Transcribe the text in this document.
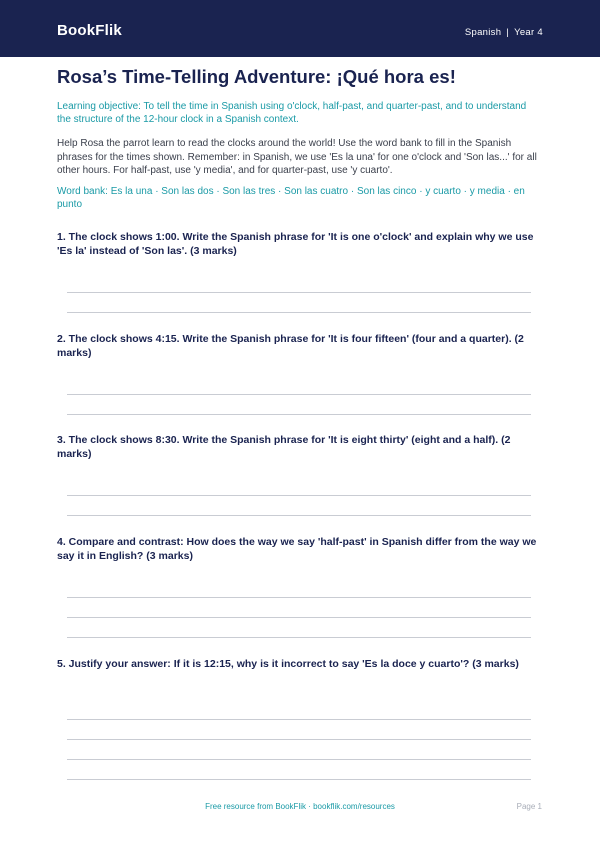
BookFlik	Spanish | Year 4
Rosa’s Time-Telling Adventure: ¡Qué hora es!
Learning objective: To tell the time in Spanish using o'clock, half-past, and quarter-past, and to understand the structure of the 12-hour clock in a Spanish context.
Help Rosa the parrot learn to read the clocks around the world! Use the word bank to fill in the Spanish phrases for the times shown. Remember: in Spanish, we use 'Es la una' for one o'clock and 'Son las...' for all other hours. For half-past, use 'y media', and for quarter-past, use 'y cuarto'.
Word bank: Es la una · Son las dos · Son las tres · Son las cuatro · Son las cinco · y cuarto · y media · en punto
1. The clock shows 1:00. Write the Spanish phrase for 'It is one o'clock' and explain why we use 'Es la' instead of 'Son las'. (3 marks)
2. The clock shows 4:15. Write the Spanish phrase for 'It is four fifteen' (four and a quarter). (2 marks)
3. The clock shows 8:30. Write the Spanish phrase for 'It is eight thirty' (eight and a half). (2 marks)
4. Compare and contrast: How does the way we say 'half-past' in Spanish differ from the way we say it in English? (3 marks)
5. Justify your answer: If it is 12:15, why is it incorrect to say 'Es la doce y cuarto'? (3 marks)
Free resource from BookFlik · bookflik.com/resources	Page 1
